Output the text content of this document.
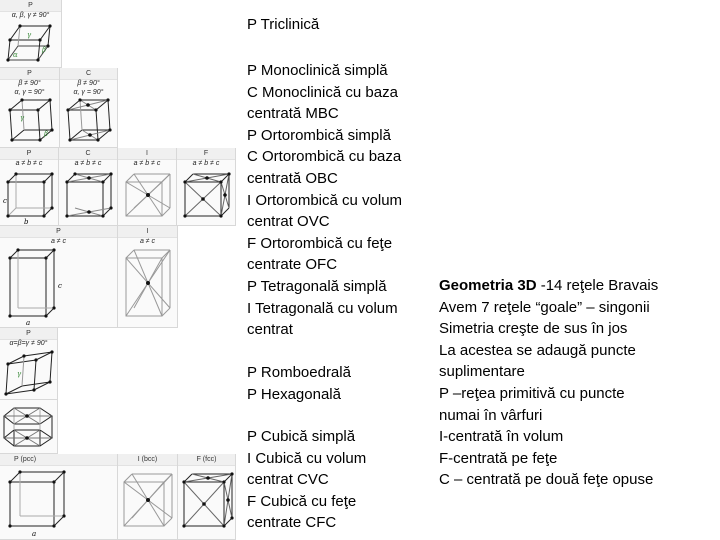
P
α, β, γ ≠ 90°
γ
β
α
P
β ≠ 90°
α, γ = 90°
γ
β
C
β ≠ 90°
α, γ = 90°
P
a ≠ b ≠ c
c
b
C
a ≠ b ≠ c
I
a ≠ b ≠ c
F
a ≠ b ≠ c
P
a ≠ c
c
a
I
a ≠ c
P
α=β=γ ≠ 90°
γ
P (pcc)
a
I (bcc)	F (fcc)
P Triclinică
P Monoclinică simplă
C Monoclinică cu baza
centrată MBC
P Ortorombică simplă
C Ortorombică cu baza
centrată OBC
I Ortorombică cu volum
centrat OVC
F Ortorombică cu feţe
centrate OFC
P Tetragonală simplă
I Tetragonală cu volum
centrat
P Romboedrală
P Hexagonală
P Cubică simplă
I Cubică cu volum
centrat CVC
F Cubică cu feţe
centrate CFC
Geometria 3D -14 reţele Bravais
Avem 7 reţele “goale” – singonii
Simetria creşte de sus în jos
La acestea se adaugă puncte
suplimentare
P –reţea primitivă cu puncte
numai în vârfuri
I-centrată în volum
F-centrată pe feţe
C – centrată pe două feţe opuse
